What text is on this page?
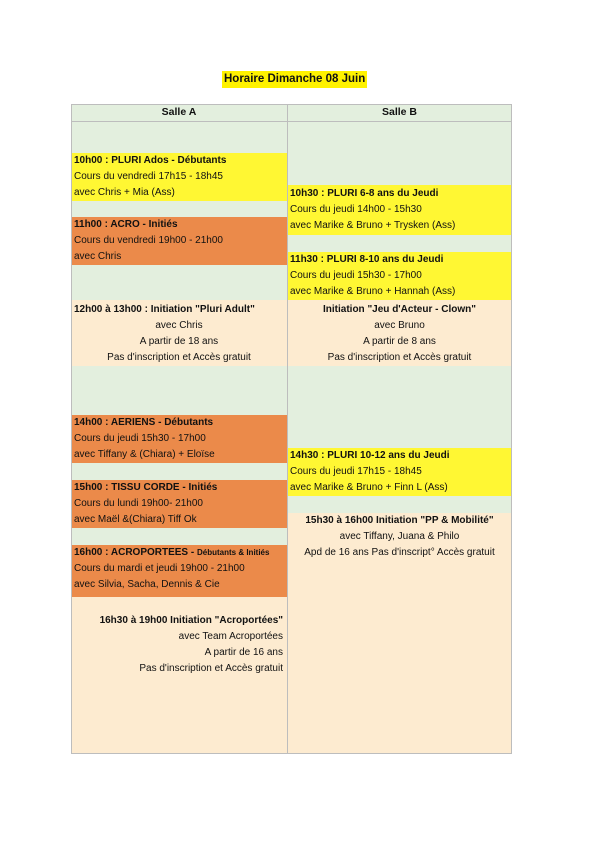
Horaire Dimanche 08 Juin
Salle A	Salle B
10h00 : PLURI Ados - Débutants
Cours du vendredi 17h15 - 18h45
avec Chris + Mia (Ass)
11h00 : ACRO - Initiés
Cours du vendredi 19h00 - 21h00
avec Chris
12h00 à 13h00 : Initiation "Pluri Adult"
avec Chris
A partir de 18 ans
Pas d'inscription et Accès gratuit
14h00 : AERIENS - Débutants
Cours du jeudi 15h30 - 17h00
avec Tiffany & (Chiara) + Eloïse
15h00 : TISSU CORDE - Initiés
Cours du lundi 19h00- 21h00
avec Maël &(Chiara) Tiff Ok
16h00 : ACROPORTEES - Débutants & Initiés
Cours du mardi et jeudi 19h00 - 21h00
avec Silvia, Sacha, Dennis & Cie
16h30 à 19h00 Initiation "Acroportées"
avec Team Acroportées
A partir de 16 ans
Pas d'inscription et Accès gratuit
10h30 : PLURI 6-8 ans du Jeudi
Cours du jeudi 14h00 - 15h30
avec Marike & Bruno + Trysken (Ass)
11h30 : PLURI 8-10 ans du Jeudi
Cours du jeudi 15h30 - 17h00
avec Marike & Bruno + Hannah (Ass)
Initiation "Jeu d'Acteur - Clown"
avec Bruno
A partir de 8 ans
Pas d'inscription et Accès gratuit
14h30 : PLURI 10-12 ans du Jeudi
Cours du jeudi 17h15 - 18h45
avec Marike & Bruno + Finn L (Ass)
15h30 à 16h00 Initiation "PP & Mobilité"
avec Tiffany, Juana & Philo
Apd de 16 ans Pas d'inscript° Accès gratuit
